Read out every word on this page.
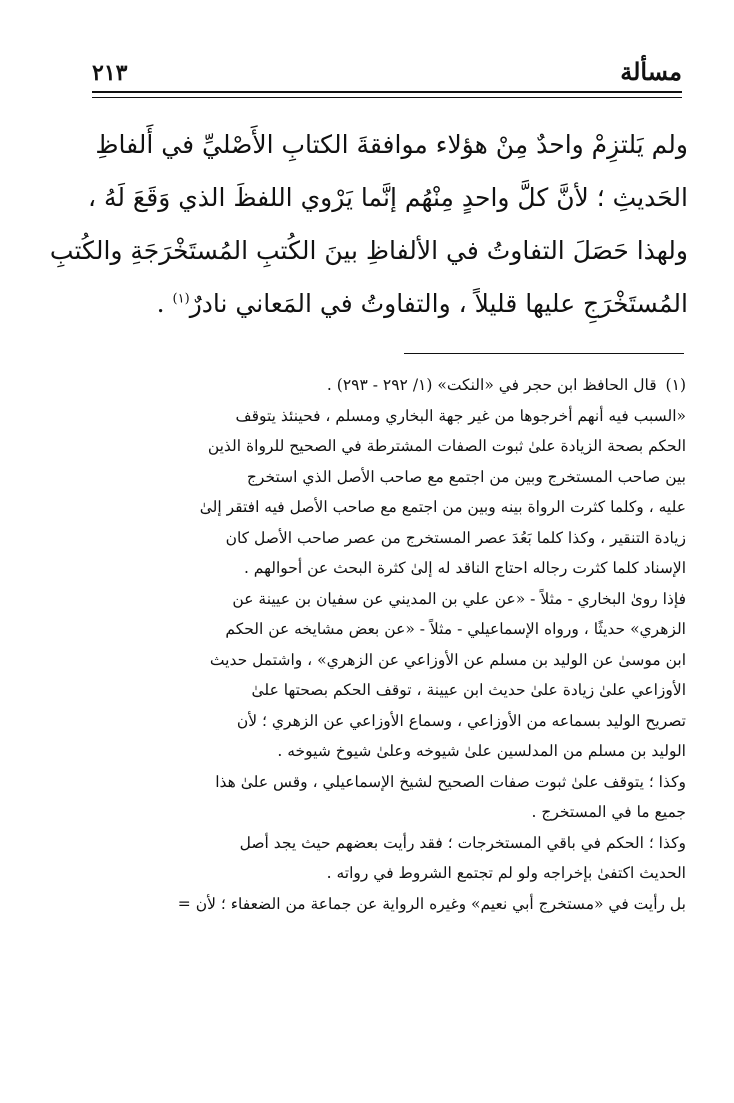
مسألة
٢١٣
ولم يَلتزِمْ واحدٌ مِنْ هؤلاء موافقةَ الكتابِ الأَصْليِّ في أَلفاظِ
الحَديثِ ؛ لأنَّ كلَّ واحدٍ مِنْهُم إنَّما يَرْوي اللفظَ الذي وَقَعَ لَهُ ،
ولهذا حَصَلَ التفاوتُ في الألفاظِ بينَ الكُتبِ المُستَخْرَجَةِ والكُتبِ
المُستَخْرَجِ عليها قليلاً ، والتفاوتُ في المَعاني نادرٌ$^{(١)}$ .
(١) قال الحافظ ابن حجر في «النكت» (١/ ٢٩٢ - ٢٩٣) .
«السبب فيه أنهم أخرجوها من غير جهة البخاري ومسلم ، فحينئذ يتوقف
الحكم بصحة الزيادة علىٰ ثبوت الصفات المشترطة في الصحيح للرواة الذين
بين صاحب المستخرج وبين من اجتمع مع صاحب الأصل الذي استخرج
عليه ، وكلما كثرت الرواة بينه وبين من اجتمع مع صاحب الأصل فيه افتقر إلىٰ
زيادة التنقير ، وكذا كلما بَعُدَ عصر المستخرج من عصر صاحب الأصل كان
الإسناد كلما كثرت رجاله احتاج الناقد له إلىٰ كثرة البحث عن أحوالهم .
فإذا روىٰ البخاري - مثلاً - «عن علي بن المديني عن سفيان بن عيينة عن
الزهري» حديثًا ، ورواه الإسماعيلي - مثلاً - «عن بعض مشايخه عن الحكم
ابن موسىٰ عن الوليد بن مسلم عن الأوزاعي عن الزهري» ، واشتمل حديث
الأوزاعي علىٰ زيادة علىٰ حديث ابن عيينة ، توقف الحكم بصحتها علىٰ
تصريح الوليد بسماعه من الأوزاعي ، وسماع الأوزاعي عن الزهري ؛ لأن
الوليد بن مسلم من المدلسين علىٰ شيوخه وعلىٰ شيوخ شيوخه .
وكذا ؛ يتوقف علىٰ ثبوت صفات الصحيح لشيخ الإسماعيلي ، وقس علىٰ هذا
جميع ما في المستخرج .
وكذا ؛ الحكم في باقي المستخرجات ؛ فقد رأيت بعضهم حيث يجد أصل
الحديث اكتفىٰ بإخراجه ولو لم تجتمع الشروط في رواته .
بل رأيت في «مستخرج أبي نعيم» وغيره الرواية عن جماعة من الضعفاء ؛ لأن =
